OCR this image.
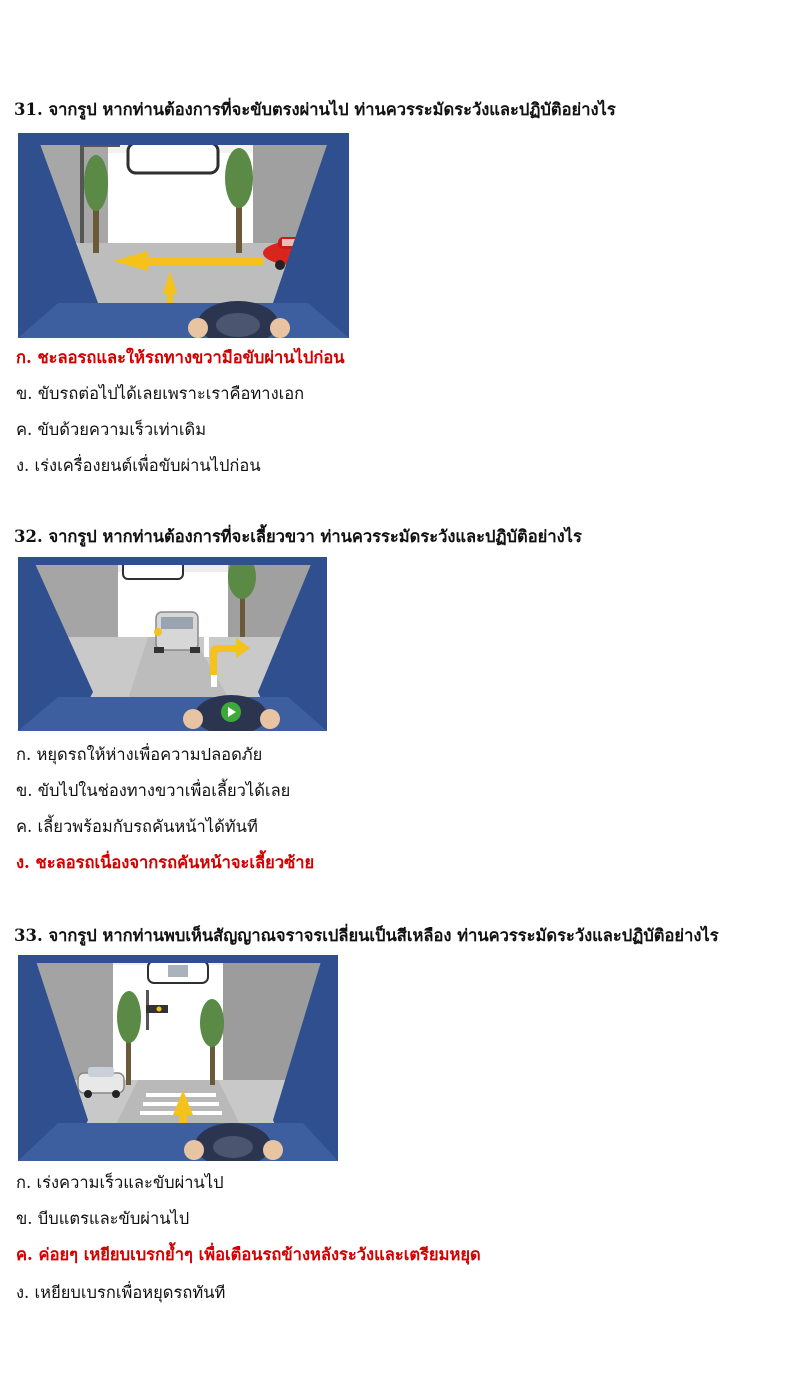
31. จากรูป หากท่านต้องการที่จะขับตรงผ่านไป ท่านควรระมัดระวังและปฏิบัติอย่างไร
ก. ชะลอรถและให้รถทางขวามือขับผ่านไปก่อน
ข. ขับรถต่อไปได้เลยเพราะเราคือทางเอก
ค. ขับด้วยความเร็วเท่าเดิม
ง. เร่งเครื่องยนต์เพื่อขับผ่านไปก่อน
32. จากรูป หากท่านต้องการที่จะเลี้ยวขวา ท่านควรระมัดระวังและปฏิบัติอย่างไร
ก. หยุดรถให้ห่างเพื่อความปลอดภัย
ข. ขับไปในช่องทางขวาเพื่อเลี้ยวได้เลย
ค. เลี้ยวพร้อมกับรถคันหน้าได้ทันที
ง. ชะลอรถเนื่องจากรถคันหน้าจะเลี้ยวซ้าย
33. จากรูป หากท่านพบเห็นสัญญาณจราจรเปลี่ยนเป็นสีเหลือง ท่านควรระมัดระวังและปฏิบัติอย่างไร
ก. เร่งความเร็วและขับผ่านไป
ข. บีบแตรและขับผ่านไป
ค. ค่อยๆ เหยียบเบรกย้ำๆ เพื่อเตือนรถข้างหลังระวังและเตรียมหยุด
ง. เหยียบเบรกเพื่อหยุดรถทันที
